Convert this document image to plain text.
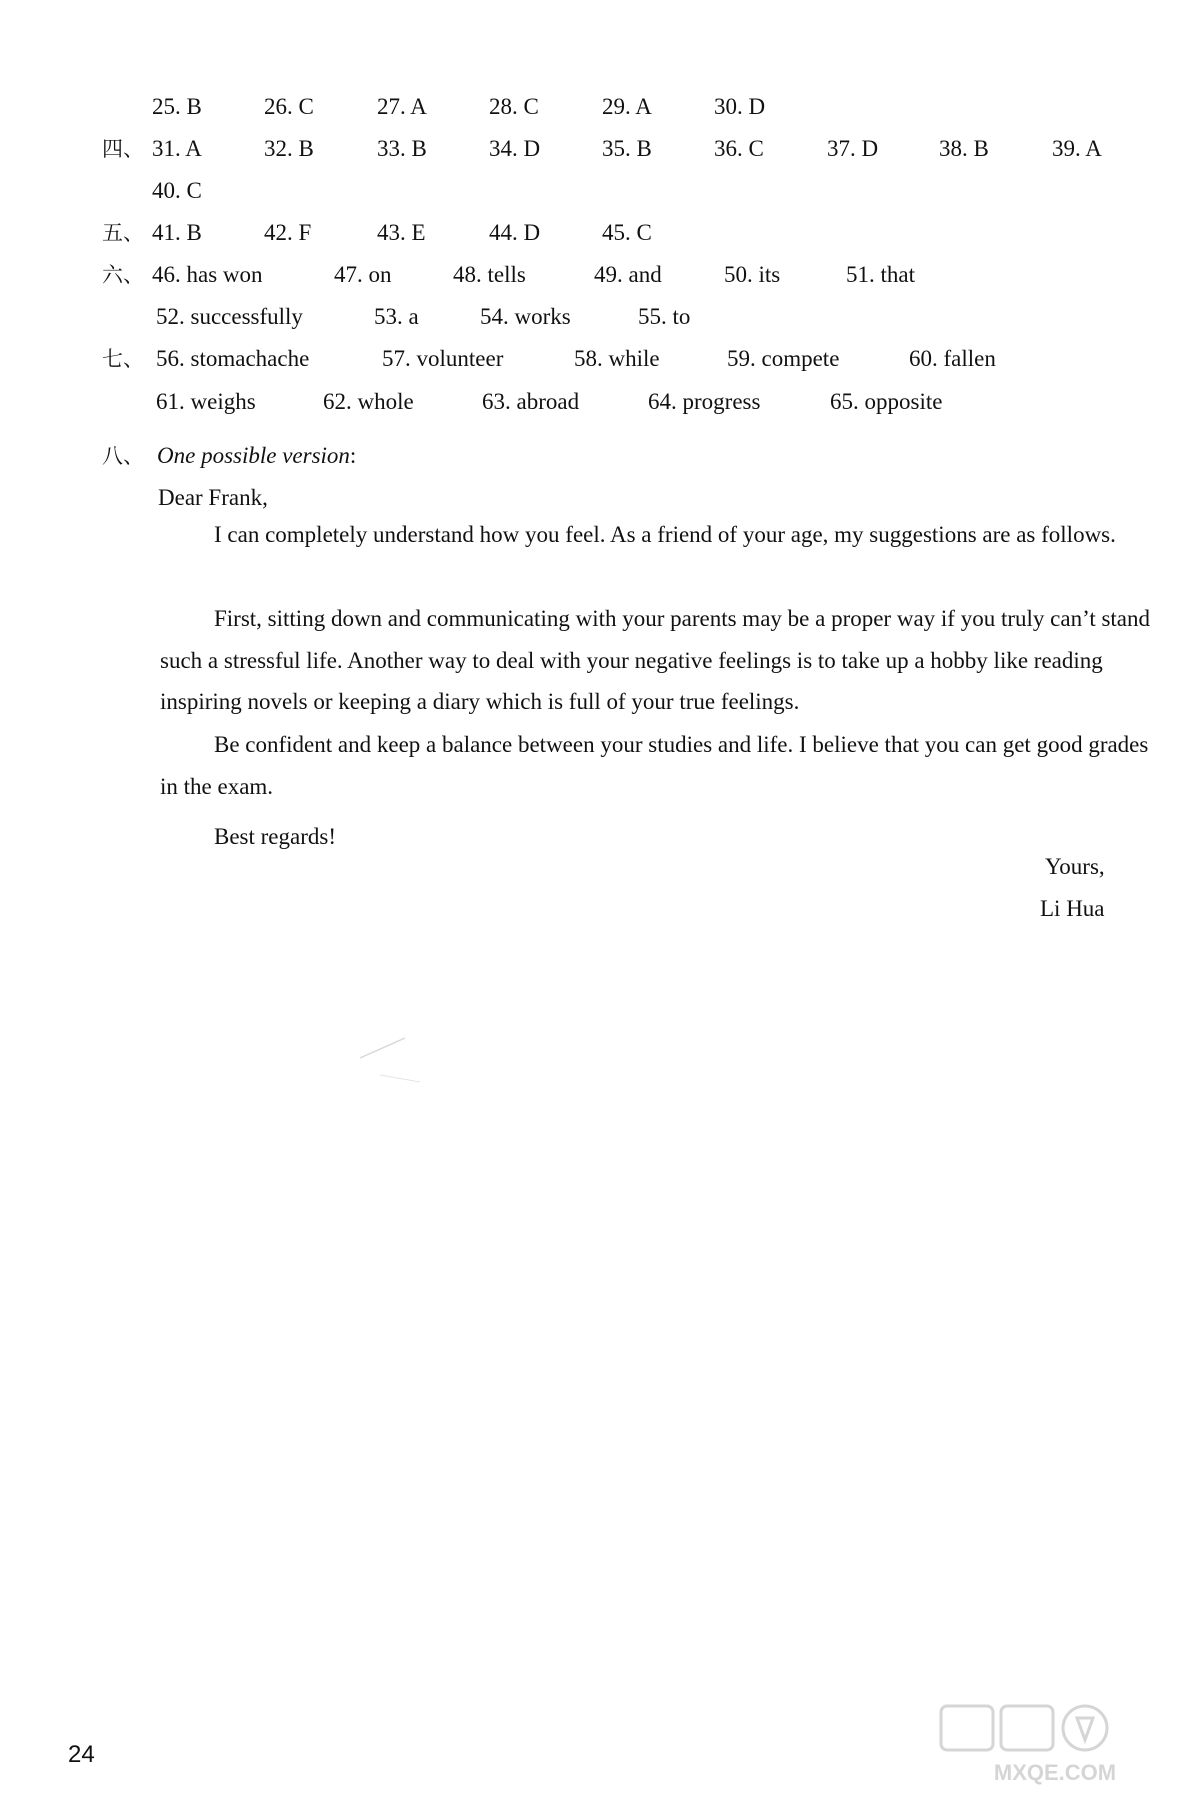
25. B	26. C	27. A	28. C	29. A	30. D
四、 31. A	32. B	33. B	34. D	35. B	36. C	37. D	38. B	39. A
40. C
五、 41. B	42. F	43. E	44. D	45. C
六、 46. has won	47. on	48. tells	49. and	50. its	51. that
52. successfully	53. a	54. works	55. to
七、 56. stomachache	57. volunteer	58. while	59. compete	60. fallen
61. weighs	62. whole	63. abroad	64. progress	65. opposite
八、 One possible version:
Dear Frank,
I can completely understand how you feel. As a friend of your age, my suggestions are as follows.
First, sitting down and communicating with your parents may be a proper way if you truly can’t stand such a stressful life. Another way to deal with your negative feelings is to take up a hobby like reading inspiring novels or keeping a diary which is full of your true feelings.
Be confident and keep a balance between your studies and life. I believe that you can get good grades in the exam.
Best regards!
Yours,
Li Hua
24
MXQE.COM
